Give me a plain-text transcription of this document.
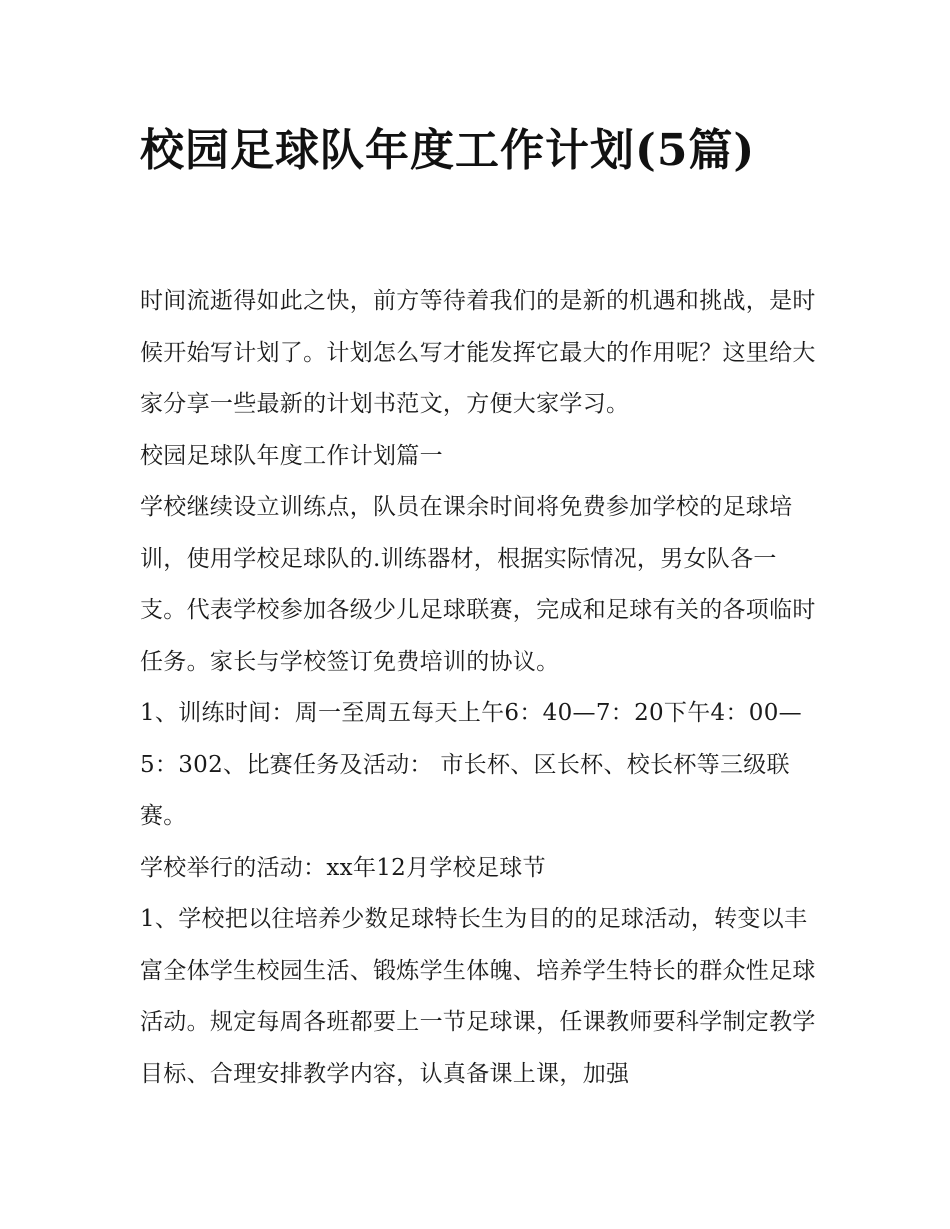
校园足球队年度工作计划(5篇)

时间流逝得如此之快，前方等待着我们的是新的机遇和挑战，是时候开始写计划了。计划怎么写才能发挥它最大的作用呢？这里给大家分享一些最新的计划书范文，方便大家学习。

校园足球队年度工作计划篇一

学校继续设立训练点，队员在课余时间将免费参加学校的足球培训，使用学校足球队的.训练器材，根据实际情况，男女队各一支。代表学校参加各级少儿足球联赛，完成和足球有关的各项临时任务。家长与学校签订免费培训的协议。

1、训练时间：周一至周五每天上午6：40—7：20下午4：00—5：302、比赛任务及活动： 市长杯、区长杯、校长杯等三级联赛。

学校举行的活动：xx年12月学校足球节

1、学校把以往培养少数足球特长生为目的的足球活动，转变以丰富全体学生校园生活、锻炼学生体魄、培养学生特长的群众性足球活动。规定每周各班都要上一节足球课，任课教师要科学制定教学目标、合理安排教学内容，认真备课上课，加强
